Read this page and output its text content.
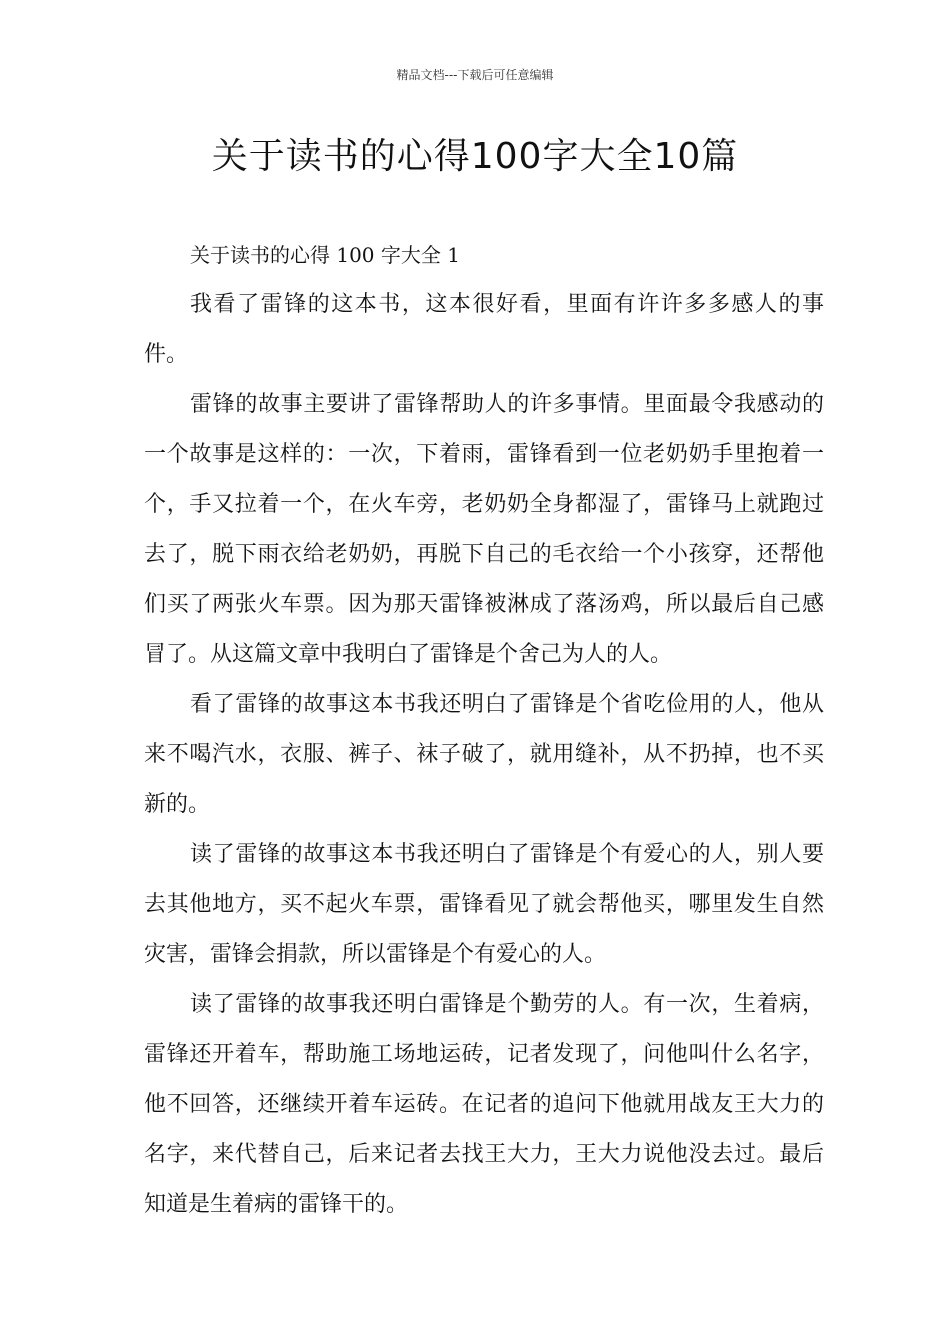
精品文档---下载后可任意编辑
关于读书的心得100字大全10篇

关于读书的心得 100 字大全 1

我看了雷锋的这本书，这本很好看，里面有许许多多感人的事件。

雷锋的故事主要讲了雷锋帮助人的许多事情。里面最令我感动的一个故事是这样的：一次，下着雨，雷锋看到一位老奶奶手里抱着一个，手又拉着一个，在火车旁，老奶奶全身都湿了，雷锋马上就跑过去了，脱下雨衣给老奶奶，再脱下自己的毛衣给一个小孩穿，还帮他们买了两张火车票。因为那天雷锋被淋成了落汤鸡，所以最后自己感冒了。从这篇文章中我明白了雷锋是个舍己为人的人。

看了雷锋的故事这本书我还明白了雷锋是个省吃俭用的人，他从来不喝汽水，衣服、裤子、袜子破了，就用缝补，从不扔掉，也不买新的。

读了雷锋的故事这本书我还明白了雷锋是个有爱心的人，别人要去其他地方，买不起火车票，雷锋看见了就会帮他买，哪里发生自然灾害，雷锋会捐款，所以雷锋是个有爱心的人。

读了雷锋的故事我还明白雷锋是个勤劳的人。有一次，生着病，雷锋还开着车，帮助施工场地运砖，记者发现了，问他叫什么名字，他不回答，还继续开着车运砖。在记者的追问下他就用战友王大力的名字，来代替自己，后来记者去找王大力，王大力说他没去过。最后知道是生着病的雷锋干的。
